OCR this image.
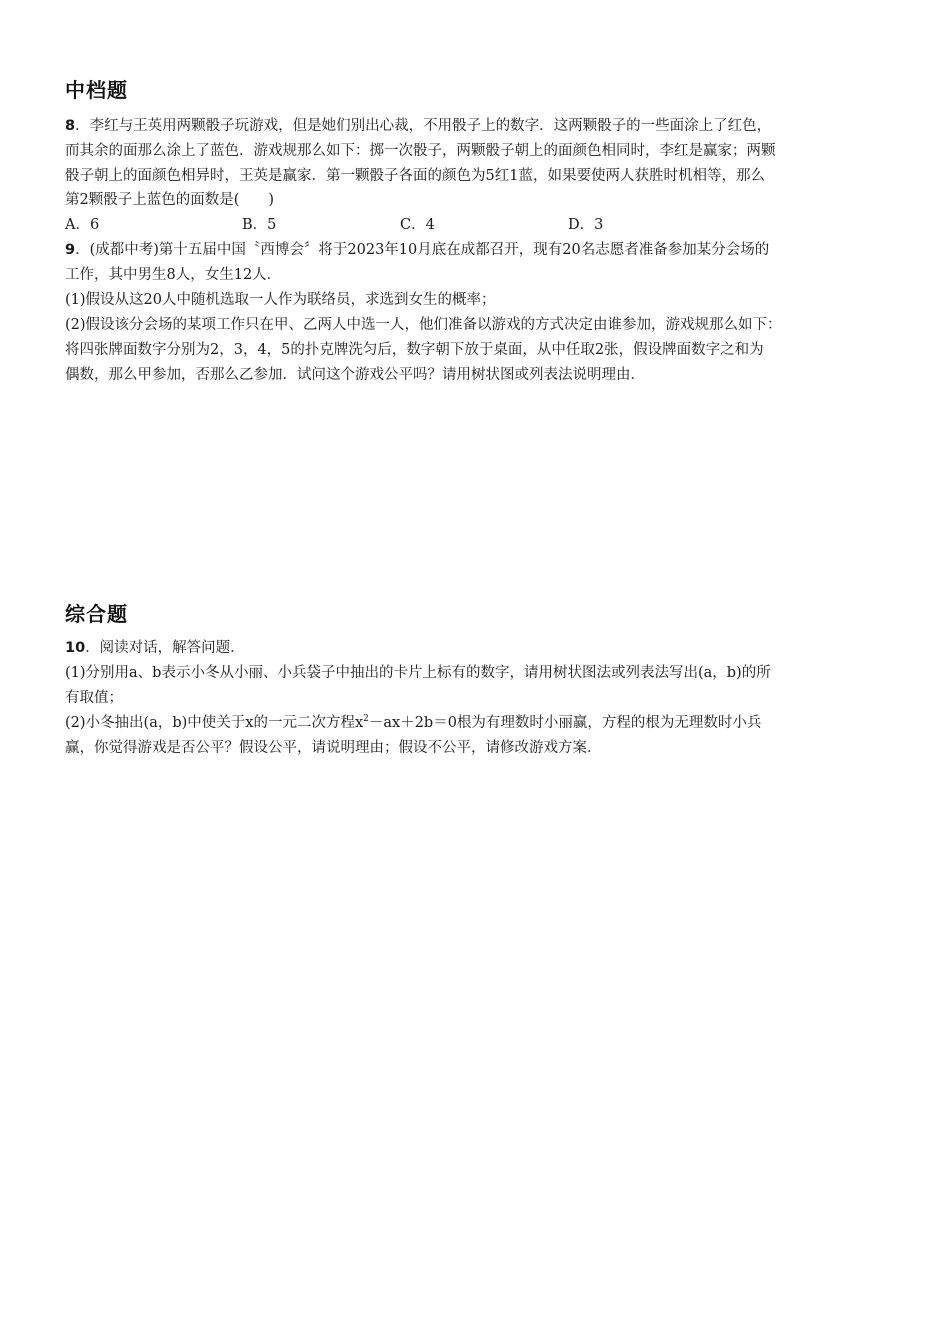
中档题
8．李红与王英用两颗骰子玩游戏，但是她们别出心裁，不用骰子上的数字．这两颗骰子的一些面涂上了红色，
而其余的面那么涂上了蓝色．游戏规那么如下：掷一次骰子，两颗骰子朝上的面颜色相同时，李红是赢家；两颗
骰子朝上的面颜色相异时，王英是赢家．第一颗骰子各面的颜色为5红1蓝，如果要使两人获胜时机相等，那么
第2颗骰子上蓝色的面数是(　　)
A．6	B．5	C．4	D．3
9．(成都中考)第十五届中国〝西博会〞将于2023年10月底在成都召开，现有20名志愿者准备参加某分会场的
工作，其中男生8人，女生12人．
(1)假设从这20人中随机选取一人作为联络员，求选到女生的概率；
(2)假设该分会场的某项工作只在甲、乙两人中选一人，他们准备以游戏的方式决定由谁参加，游戏规那么如下：
将四张牌面数字分别为2，3，4，5的扑克牌洗匀后，数字朝下放于桌面，从中任取2张，假设牌面数字之和为
偶数，那么甲参加，否那么乙参加．试问这个游戏公平吗？请用树状图或列表法说明理由．
综合题
10．阅读对话，解答问题．
(1)分别用a、b表示小冬从小丽、小兵袋子中抽出的卡片上标有的数字，请用树状图法或列表法写出(a，b)的所
有取值；
(2)小冬抽出(a，b)中使关于x的一元二次方程$x^2-ax+2b=0$根为有理数时小丽赢，方程的根为无理数时小兵
赢，你觉得游戏是否公平？假设公平，请说明理由；假设不公平，请修改游戏方案．
